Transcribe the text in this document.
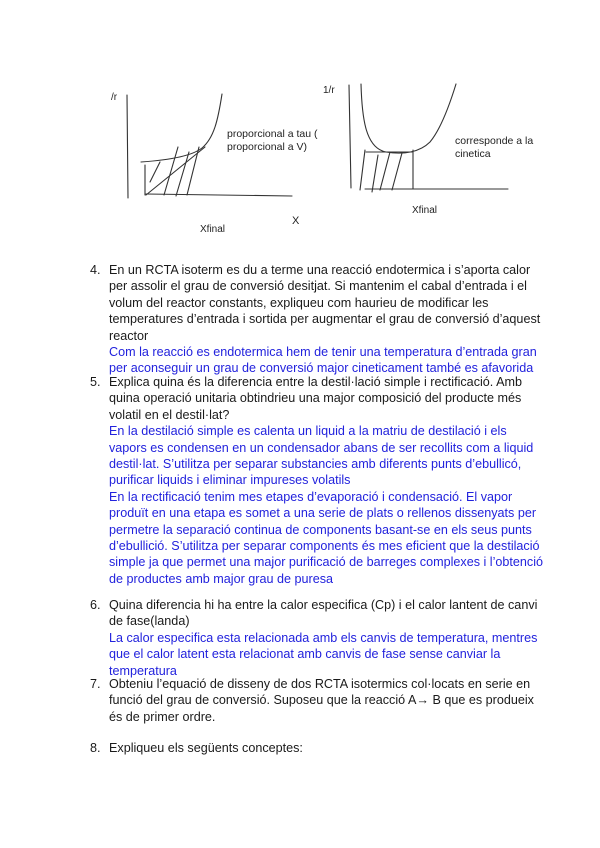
/r
proporcional a tau (
proporcional a V)
X
Xfinal
1/r
corresponde a la
cinetica
Xfinal
4. En un RCTA isoterm es du a terme una reacció endotermica i s’aporta calor
per assolir el grau de conversió desitjat. Si mantenim el cabal d’entrada i el
volum del reactor constants, expliqueu com haurieu de modificar les
temperatures d’entrada i sortida per augmentar el grau de conversió d’aquest
reactor
Com la reacció es endotermica hem de tenir una temperatura d’entrada gran
per aconseguir un grau de conversió major cineticament també es afavorida
5. Explica quina és la diferencia entre la destil·lació simple i rectificació. Amb
quina operació unitaria obtindrieu una major composició del producte més
volatil en el destil·lat?
En la destilació simple es calenta un liquid a la matriu de destilació i els
vapors es condensen en un condensador abans de ser recollits com a liquid
destil·lat. S’utilitza per separar substancies amb diferents punts d’ebullicó,
purificar liquids i eliminar impureses volatils
En la rectificació tenim mes etapes d’evaporació i condensació. El vapor
produït en una etapa es somet a una serie de plats o rellenos dissenyats per
permetre la separació continua de components basant-se en els seus punts
d’ebullició. S’utilitza per separar components és mes eficient que la destilació
simple ja que permet una major purificació de barreges complexes i l’obtenció
de productes amb major grau de puresa
6. Quina diferencia hi ha entre la calor especifica (Cp) i el calor lantent de canvi
de fase(landa)
La calor especifica esta relacionada amb els canvis de temperatura, mentres
que el calor latent esta relacionat amb canvis de fase sense canviar la
temperatura
7. Obteniu l’equació de disseny de dos RCTA isotermics col·locats en serie en
funció del grau de conversió. Suposeu que la reacció A→ B que es produeix
és de primer ordre.
8. Expliqueu els següents conceptes:
